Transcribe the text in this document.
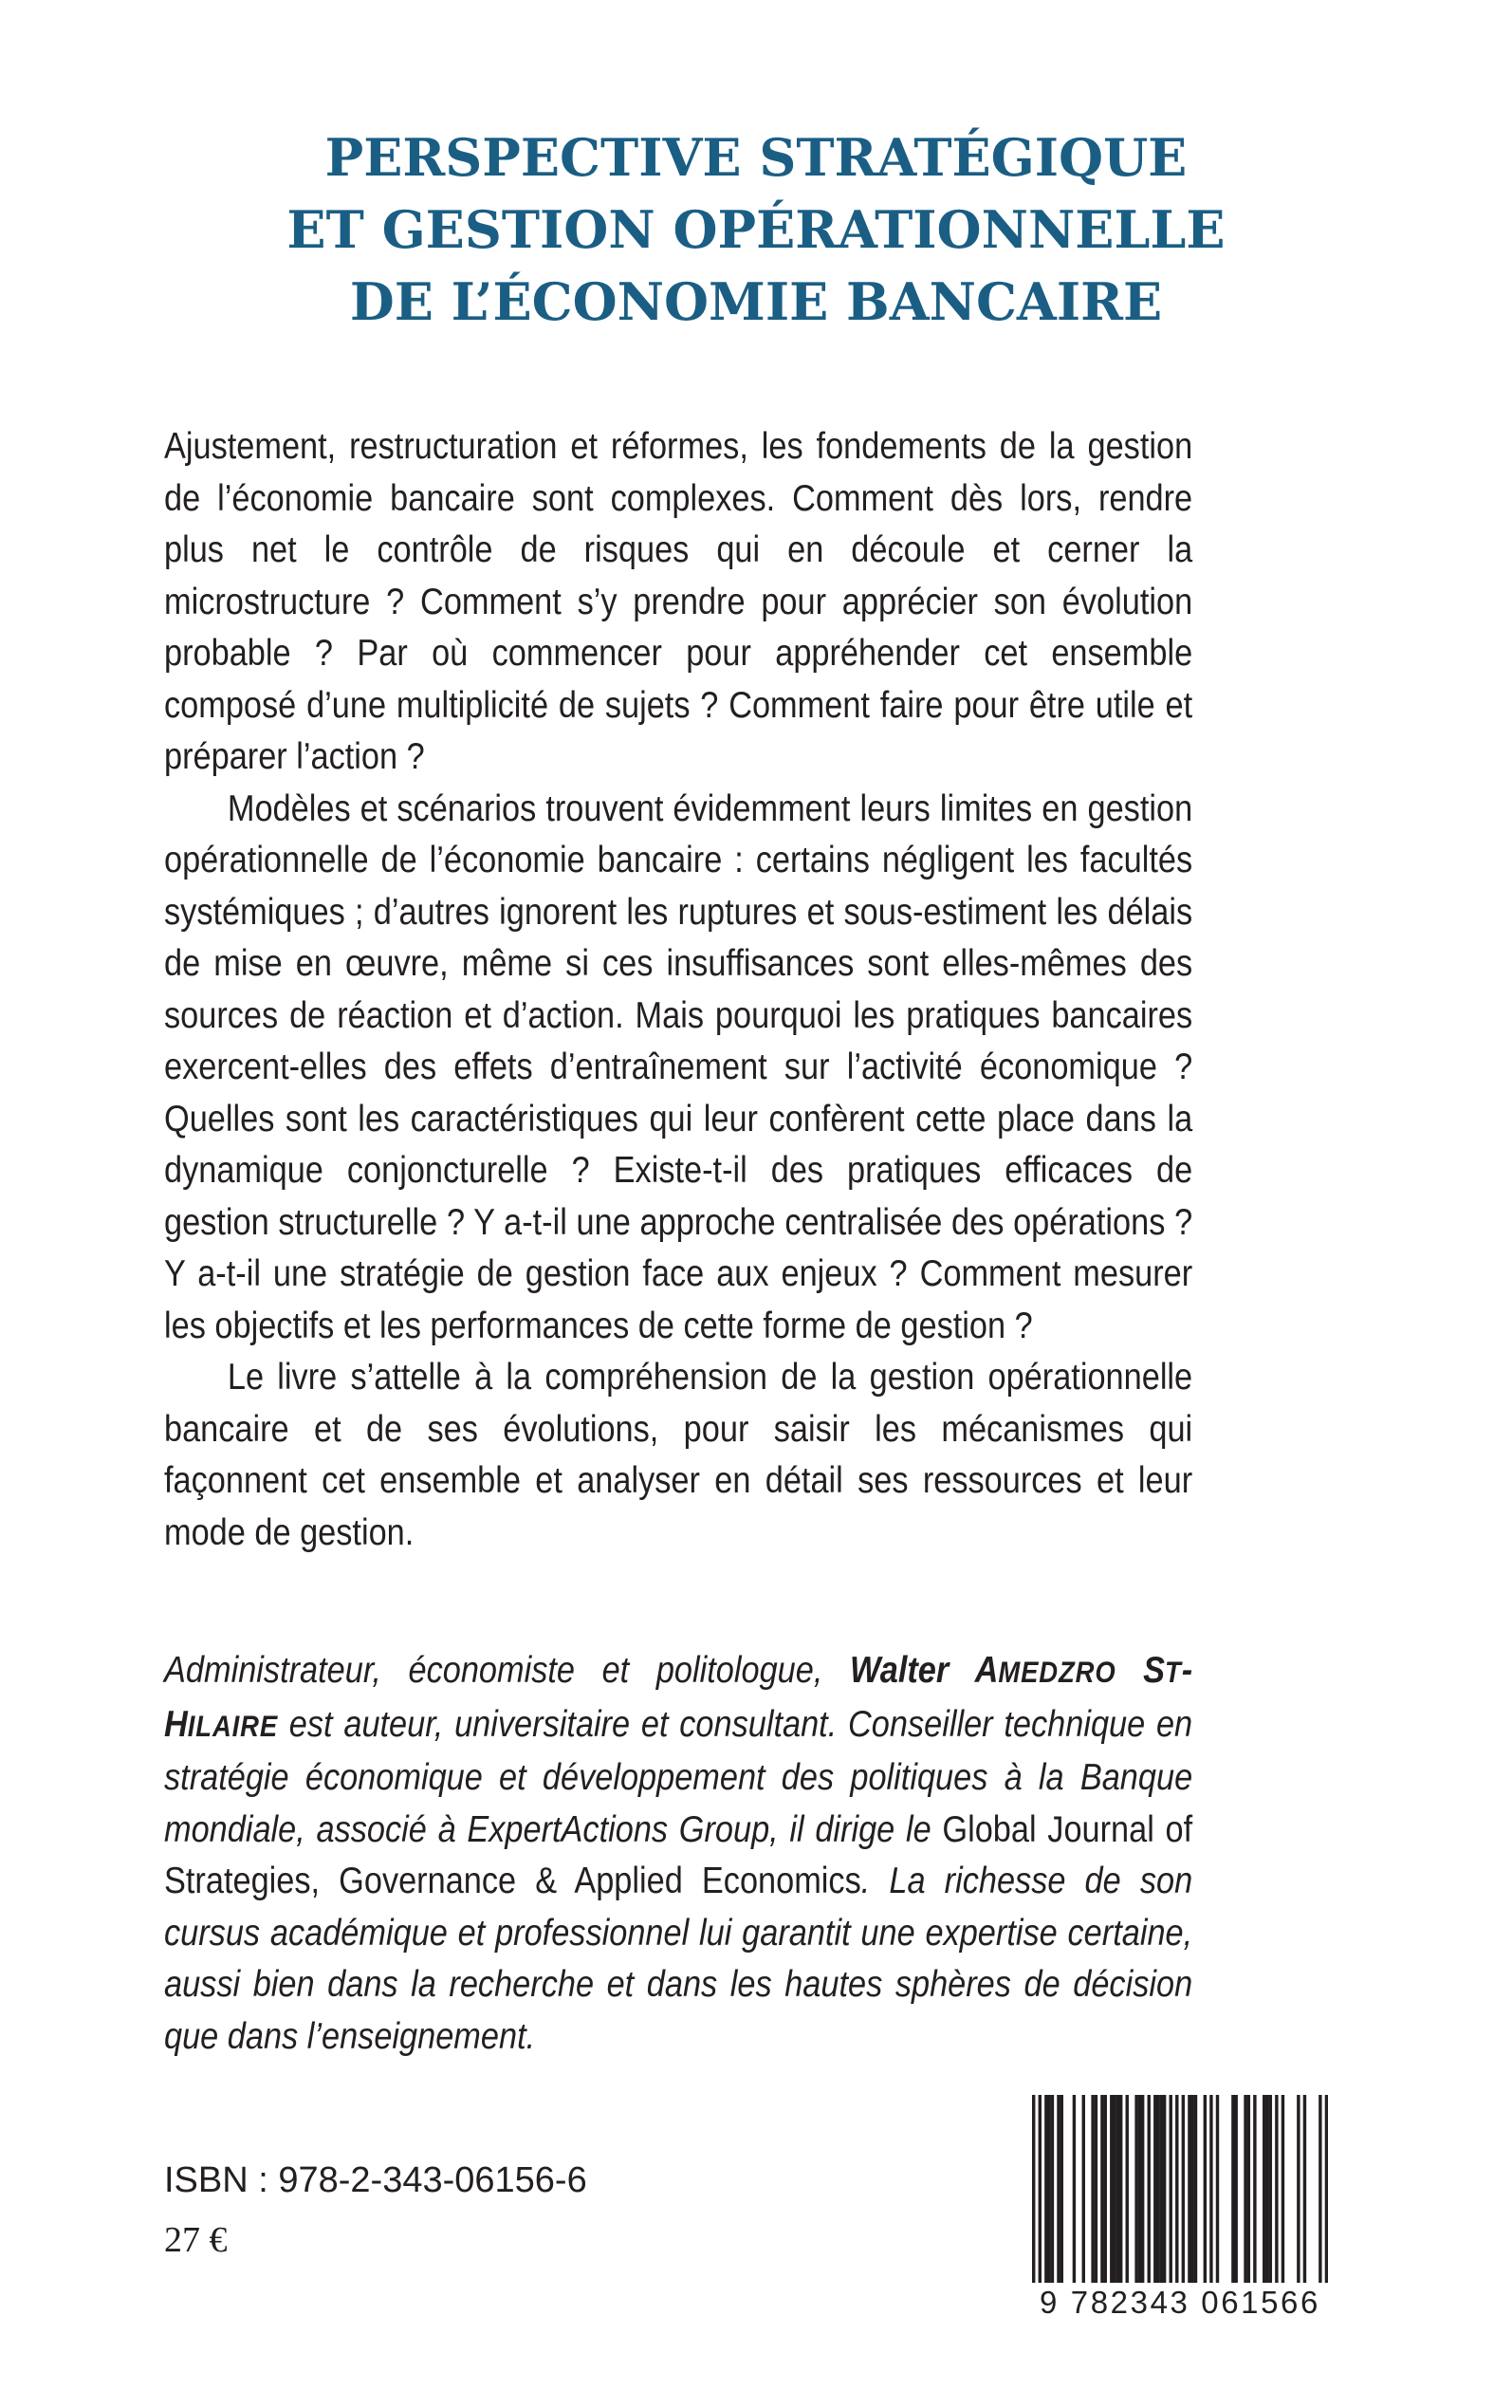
PERSPECTIVE STRATÉGIQUE
ET GESTION OPÉRATIONNELLE
DE L’ÉCONOMIE BANCAIRE

Ajustement, restructuration et réformes, les fondements de la gestion de l’économie bancaire sont complexes. Comment dès lors, rendre plus net le contrôle de risques qui en découle et cerner la microstructure ? Comment s’y prendre pour apprécier son évolution probable ? Par où commencer pour appréhender cet ensemble composé d’une multiplicité de sujets ? Comment faire pour être utile et préparer l’action ?

Modèles et scénarios trouvent évidemment leurs limites en gestion opérationnelle de l’économie bancaire : certains négligent les facultés systémiques ; d’autres ignorent les ruptures et sous-estiment les délais de mise en œuvre, même si ces insuffisances sont elles-mêmes des sources de réaction et d’action. Mais pourquoi les pratiques bancaires exercent-elles des effets d’entraînement sur l’activité économique ? Quelles sont les caractéristiques qui leur confèrent cette place dans la dynamique conjoncturelle ? Existe-t-il des pratiques efficaces de gestion structurelle ? Y a-t-il une approche centralisée des opérations ? Y a-t-il une stratégie de gestion face aux enjeux ? Comment mesurer les objectifs et les performances de cette forme de gestion ?

Le livre s’attelle à la compréhension de la gestion opérationnelle bancaire et de ses évolutions, pour saisir les mécanismes qui façonnent cet ensemble et analyser en détail ses ressources et leur mode de gestion.

Administrateur, économiste et politologue, Walter AMEDZRO ST-HILAIRE est auteur, universitaire et consultant. Conseiller technique en stratégie économique et développement des politiques à la Banque mondiale, associé à ExpertActions Group, il dirige le Global Journal of Strategies, Governance & Applied Economics. La richesse de son cursus académique et professionnel lui garantit une expertise certaine, aussi bien dans la recherche et dans les hautes sphères de décision que dans l’enseignement.
ISBN : 978-2-343-06156-6
27 €
9 782343 061566
